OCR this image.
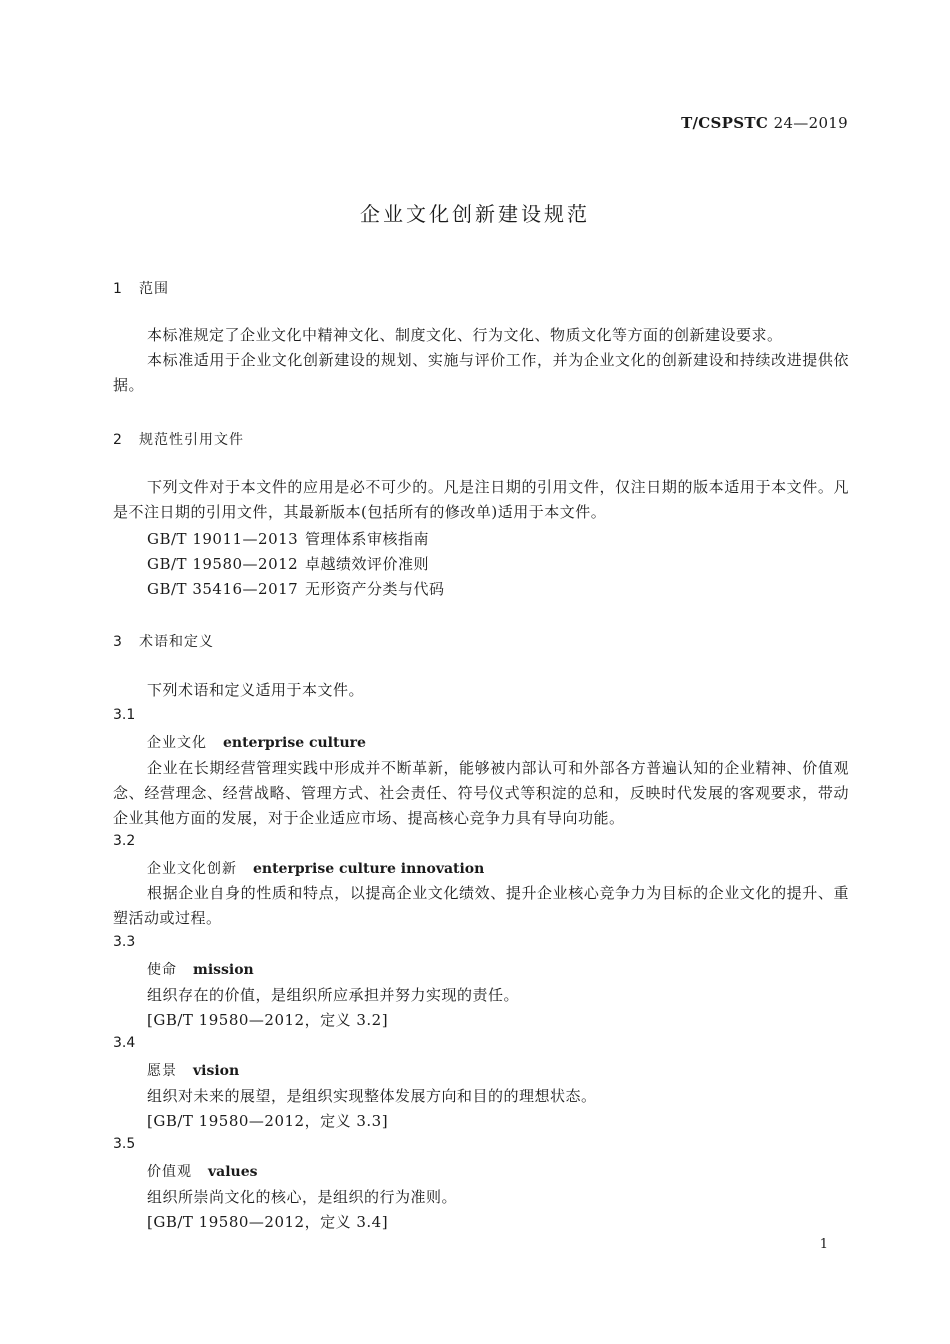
T/CSPSTC 24—2019
企业文化创新建设规范
1 范围
本标准规定了企业文化中精神文化、制度文化、行为文化、物质文化等方面的创新建设要求。
本标准适用于企业文化创新建设的规划、实施与评价工作，并为企业文化的创新建设和持续改进提供依据。
2 规范性引用文件
下列文件对于本文件的应用是必不可少的。凡是注日期的引用文件，仅注日期的版本适用于本文件。凡是不注日期的引用文件，其最新版本(包括所有的修改单)适用于本文件。
GB/T 19011—2013 管理体系审核指南
GB/T 19580—2012 卓越绩效评价准则
GB/T 35416—2017 无形资产分类与代码
3 术语和定义
下列术语和定义适用于本文件。
3.1
企业文化 enterprise culture
企业在长期经营管理实践中形成并不断革新，能够被内部认可和外部各方普遍认知的企业精神、价值观念、经营理念、经营战略、管理方式、社会责任、符号仪式等积淀的总和，反映时代发展的客观要求，带动企业其他方面的发展，对于企业适应市场、提高核心竞争力具有导向功能。
3.2
企业文化创新 enterprise culture innovation
根据企业自身的性质和特点，以提高企业文化绩效、提升企业核心竞争力为目标的企业文化的提升、重塑活动或过程。
3.3
使命 mission
组织存在的价值，是组织所应承担并努力实现的责任。
[GB/T 19580—2012，定义 3.2]
3.4
愿景 vision
组织对未来的展望，是组织实现整体发展方向和目的的理想状态。
[GB/T 19580—2012，定义 3.3]
3.5
价值观 values
组织所崇尚文化的核心，是组织的行为准则。
[GB/T 19580—2012，定义 3.4]
1
